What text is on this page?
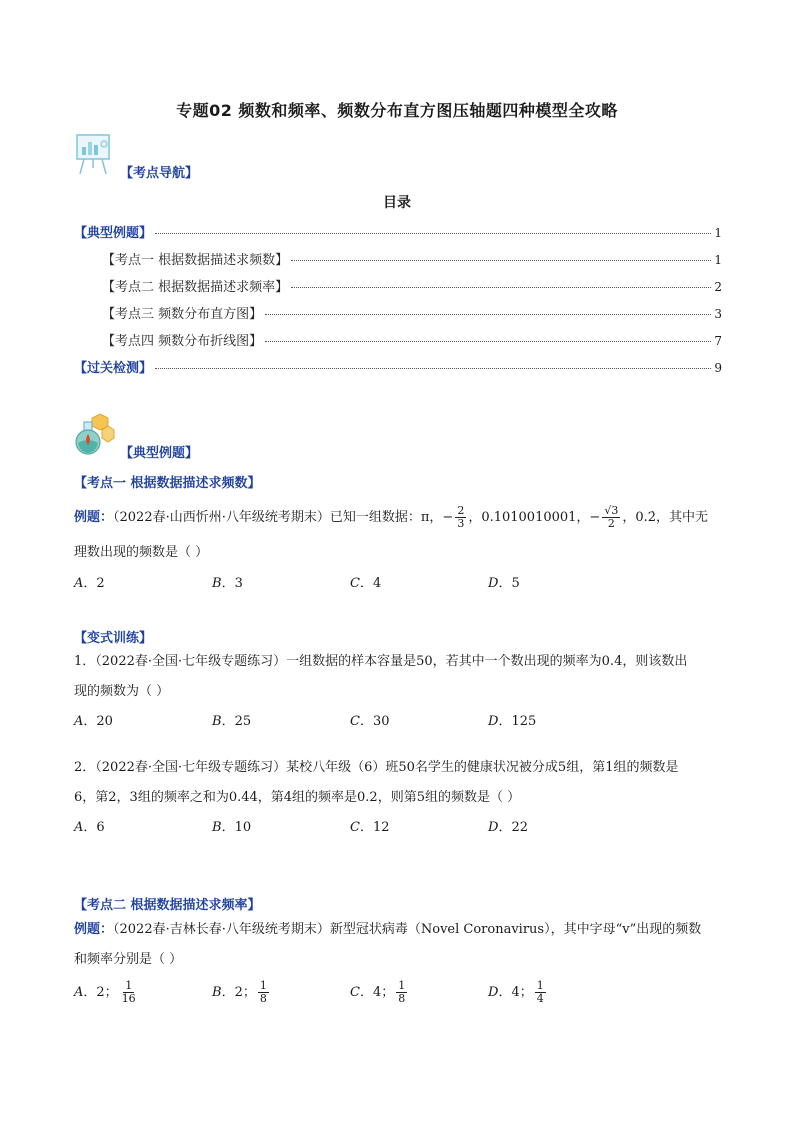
专题02 频数和频率、频数分布直方图压轴题四种模型全攻略
【考点导航】
目录
【典型例题】	1
【考点一 根据数据描述求频数】	1
【考点二 根据数据描述求频率】	2
【考点三 频数分布直方图】	3
【考点四 频数分布折线图】	7
【过关检测】	9
【典型例题】
【考点一 根据数据描述求频数】
例题：（2022春·山西忻州·八年级统考期末）已知一组数据：π，− $\frac{2}{3}$ ，0.1010010001，− $\frac{√3}{2}$ ，0.2̇，其中无
理数出现的频数是（ ）
A．2	B．3	C．4	D．5
【变式训练】
1．（2022春·全国·七年级专题练习）一组数据的样本容量是50，若其中一个数出现的频率为0.4，则该数出
现的频数为（ ）
A．20	B．25	C．30	D．125
2．（2022春·全国·七年级专题练习）某校八年级（6）班50名学生的健康状况被分成5组，第1组的频数是
6，第2，3组的频率之和为0.44，第4组的频率是0.2，则第5组的频数是（ ）
A．6	B．10	C．12	D．22
【考点二 根据数据描述求频率】
例题：（2022春·吉林长春·八年级统考期末）新型冠状病毒（Novel Coronavirus），其中字母“v”出现的频数
和频率分别是（ ）
A．2； $\frac{1}{16}$	B．2； $\frac{1}{8}$	C．4； $\frac{1}{8}$	D．4； $\frac{1}{4}$
